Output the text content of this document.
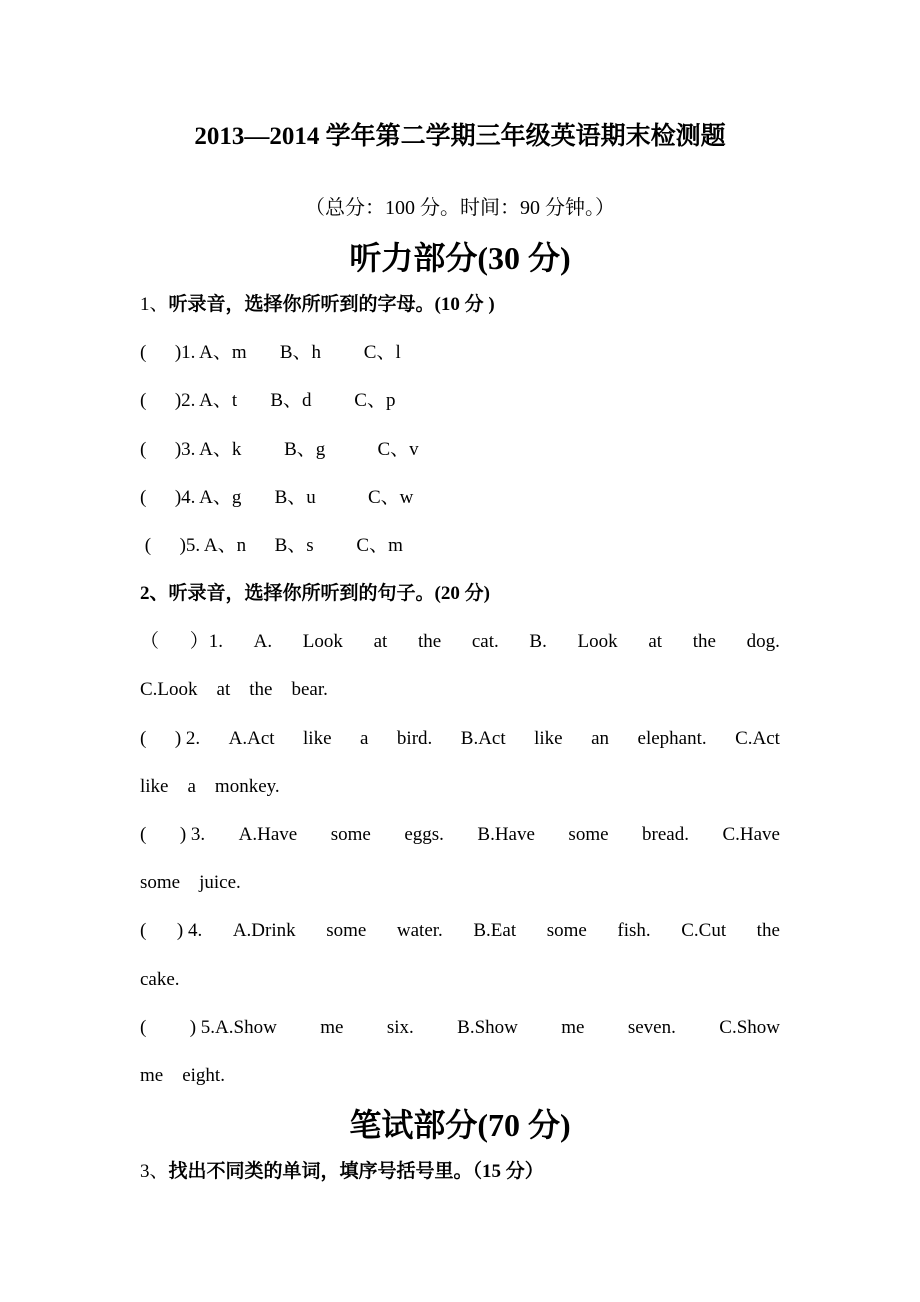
2013—2014 学年第二学期三年级英语期末检测题
（总分：100 分。时间：90 分钟。）
听力部分(30 分)
1、听录音，选择你所听到的字母。(10 分 )
(      )1. A、m       B、h         C、l
(      )2. A、t       B、d         C、p
(      )3. A、k         B、g           C、v
(      )4. A、g       B、u           C、w
(      )5. A、n      B、s         C、m
2、听录音，选择你所听到的句子。(20 分)
（ ）1. A. Look at the cat. B. Look at the dog.
C.Look    at    the    bear.
( ) 2. A.Act like a bird. B.Act like an elephant. C.Act
like    a    monkey.
( ) 3. A.Have some eggs. B.Have some bread. C.Have
some    juice.
( ) 4. A.Drink some water. B.Eat some fish. C.Cut the
cake.
( ) 5.A.Show me six. B.Show me seven. C.Show
me    eight.
笔试部分(70 分)
3、找出不同类的单词，填序号括号里。（15 分）
